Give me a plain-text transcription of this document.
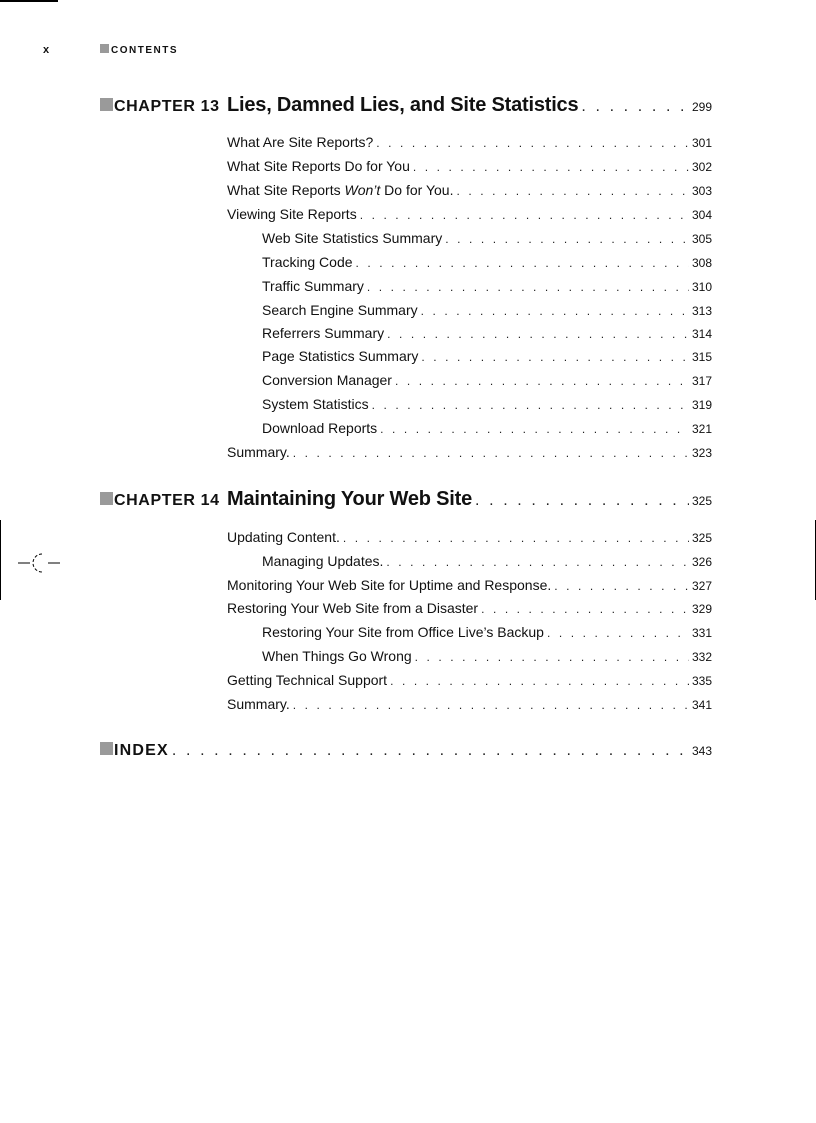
x	CONTENTS
CHAPTER 13 Lies, Damned Lies, and Site Statistics . . .	299
What Are Site Reports? . . .	301
What Site Reports Do for You . . .	302
What Site Reports Won’t Do for You. . . .	303
Viewing Site Reports . . .	304
Web Site Statistics Summary . . .	305
Tracking Code . . .	308
Traffic Summary . . .	310
Search Engine Summary . . .	313
Referrers Summary . . .	314
Page Statistics Summary . . .	315
Conversion Manager . . .	317
System Statistics . . .	319
Download Reports . . .	321
Summary. . . .	323
CHAPTER 14 Maintaining Your Web Site . . .	325
Updating Content. . . .	325
Managing Updates. . . .	326
Monitoring Your Web Site for Uptime and Response. . . .	327
Restoring Your Web Site from a Disaster . . .	329
Restoring Your Site from Office Live’s Backup . . .	331
When Things Go Wrong . . .	332
Getting Technical Support . . .	335
Summary. . . .	341
INDEX . . .	343
